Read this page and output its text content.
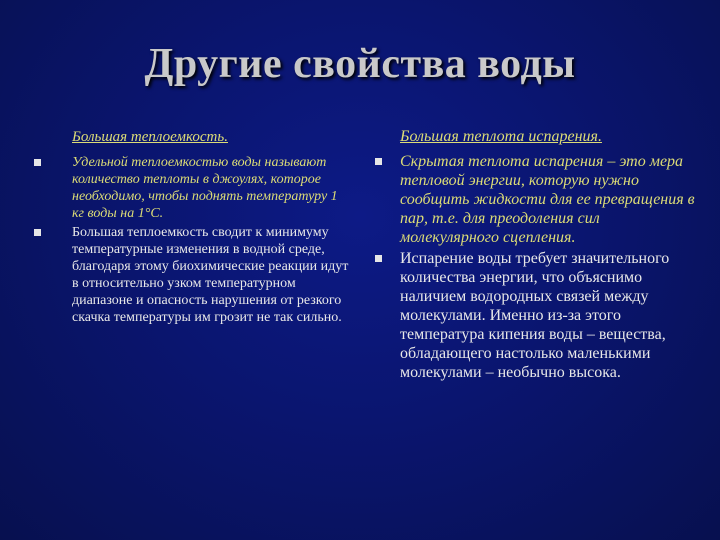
Другие свойства воды
Большая теплоемкость.
Удельной теплоемкостью воды называют количество теплоты в джоулях, которое необходимо, чтобы поднять температуру 1 кг воды на 1°С.
Большая теплоемкость сводит к минимуму температурные изменения в водной среде, благодаря этому биохимические реакции идут в относительно узком температурном диапазоне и опасность нарушения от резкого скачка температуры им грозит не так сильно.
Большая теплота испарения.
Скрытая теплота испарения – это мера тепловой энергии, которую нужно сообщить жидкости для ее превращения в пар, т.е. для преодоления сил молекулярного сцепления.
Испарение воды требует значительного количества энергии, что объяснимо наличием водородных связей между молекулами. Именно из-за этого температура кипения воды – вещества, обладающего настолько маленькими молекулами – необычно высока.
